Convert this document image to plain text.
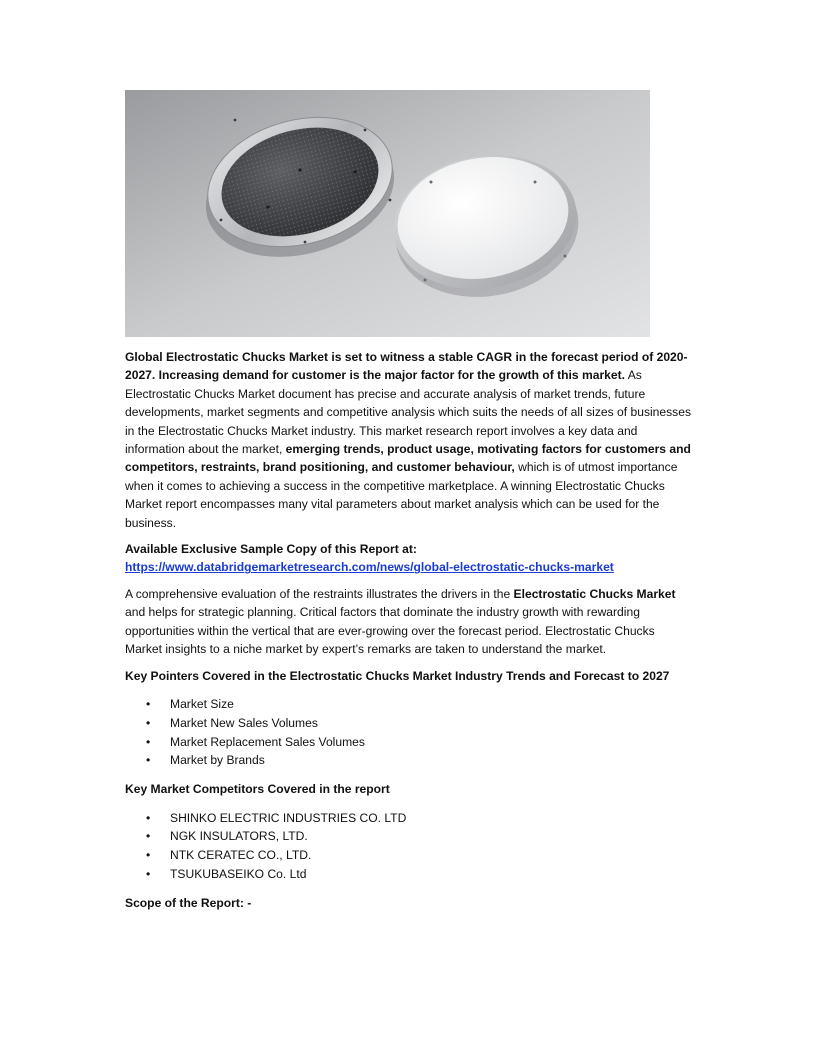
Global Electrostatic Chucks Market is set to witness a stable CAGR in the forecast period of 2020-2027. Increasing demand for customer is the major factor for the growth of this market. As Electrostatic Chucks Market document has precise and accurate analysis of market trends, future developments, market segments and competitive analysis which suits the needs of all sizes of businesses in the Electrostatic Chucks Market industry. This market research report involves a key data and information about the market, emerging trends, product usage, motivating factors for customers and competitors, restraints, brand positioning, and customer behaviour, which is of utmost importance when it comes to achieving a success in the competitive marketplace. A winning Electrostatic Chucks Market report encompasses many vital parameters about market analysis which can be used for the business.

Available Exclusive Sample Copy of this Report at:
https://www.databridgemarketresearch.com/news/global-electrostatic-chucks-market

A comprehensive evaluation of the restraints illustrates the drivers in the Electrostatic Chucks Market and helps for strategic planning. Critical factors that dominate the industry growth with rewarding opportunities within the vertical that are ever-growing over the forecast period. Electrostatic Chucks Market insights to a niche market by expert’s remarks are taken to understand the market.

Key Pointers Covered in the Electrostatic Chucks Market Industry Trends and Forecast to 2027

• Market Size
• Market New Sales Volumes
• Market Replacement Sales Volumes
• Market by Brands

Key Market Competitors Covered in the report

• SHINKO ELECTRIC INDUSTRIES CO. LTD
• NGK INSULATORS, LTD.
• NTK CERATEC CO., LTD.
• TSUKUBASEIKO Co. Ltd

Scope of the Report: -
